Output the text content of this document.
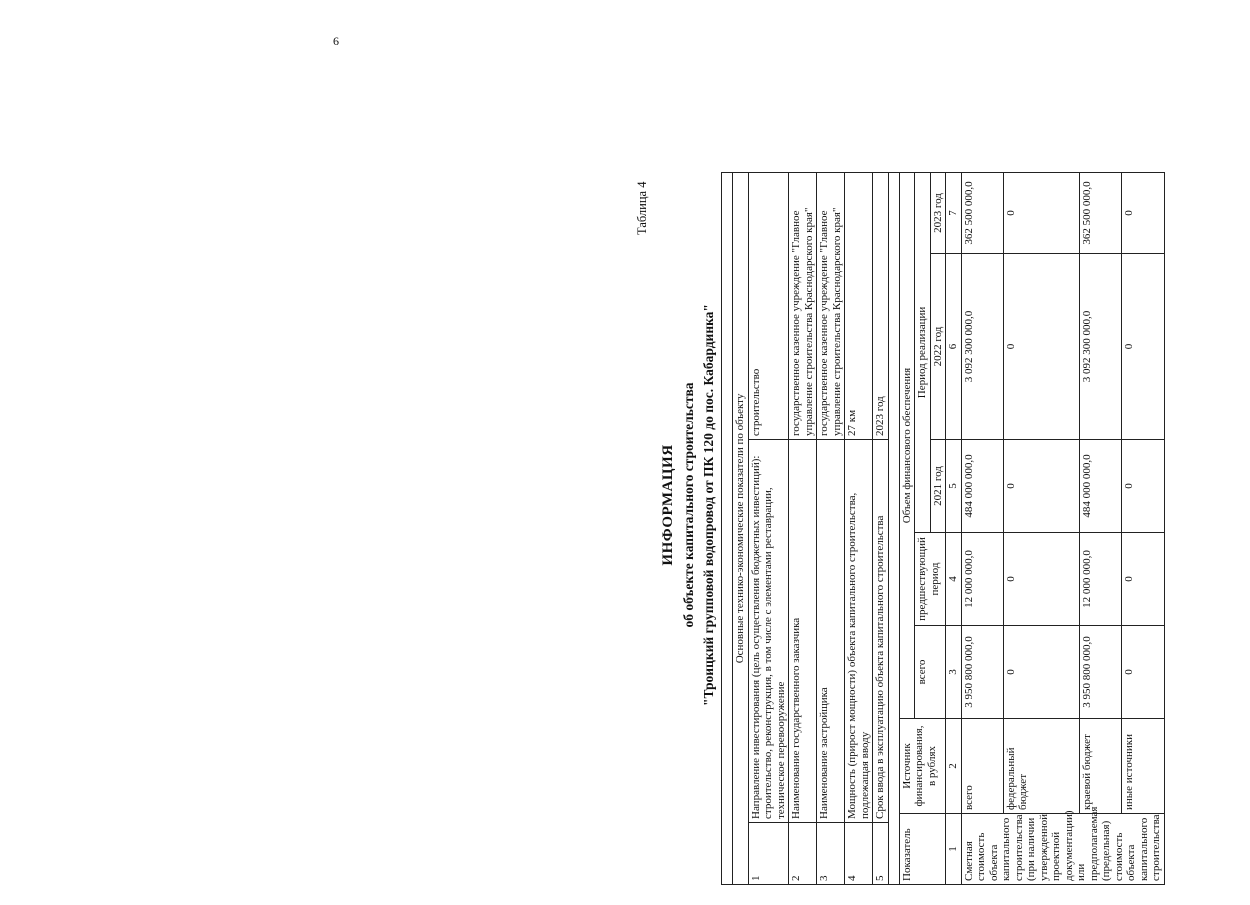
6
Таблица 4
ИНФОРМАЦИЯ об объекте капитального строительства "Троицкий групповой водопровод от ПК 120 до пос. Кабардинка" Основные технико-экономические показатели по объекту							
1	Направление инвестирования (цель осуществления бюджетных инвестиций): строительство, реконструкция, в том числе с элементами реставрации, техническое перевооружение					строительство	
2	Наименование государственного заказчика					государственное казенное учреждение "Главное управление строительства Краснодарского края"	
3	Наименование застройщика					государственное казенное учреждение "Главное управление строительства Краснодарского края"	
4	Мощность (прирост мощности) объекта капитального строительства, подлежащая вводу					27 км	
5	Срок ввода в эксплуатацию объекта капитального строительства					2023 год	

Показатель		Источник финансирования, в рублях	Объем финансового обеспечения				
			всего	предшествующий период	Период реализации		
					2021 год	2022 год	2023 год
1		2	3	4	5	6	7
Сметная стоимость объекта капитального строительства (при наличии утвержденной проектной документации) или предполагаемая (предельная) стоимость объекта капитального строительства		всего	3 950 800 000,0	12 000 000,0	484 000 000,0	3 092 300 000,0	362 500 000,0
		федеральный бюджет	0	0	0	0	0
		краевой бюджет	3 950 800 000,0	12 000 000,0	484 000 000,0	3 092 300 000,0	362 500 000,0
		иные источники	0	0	0	0	0
